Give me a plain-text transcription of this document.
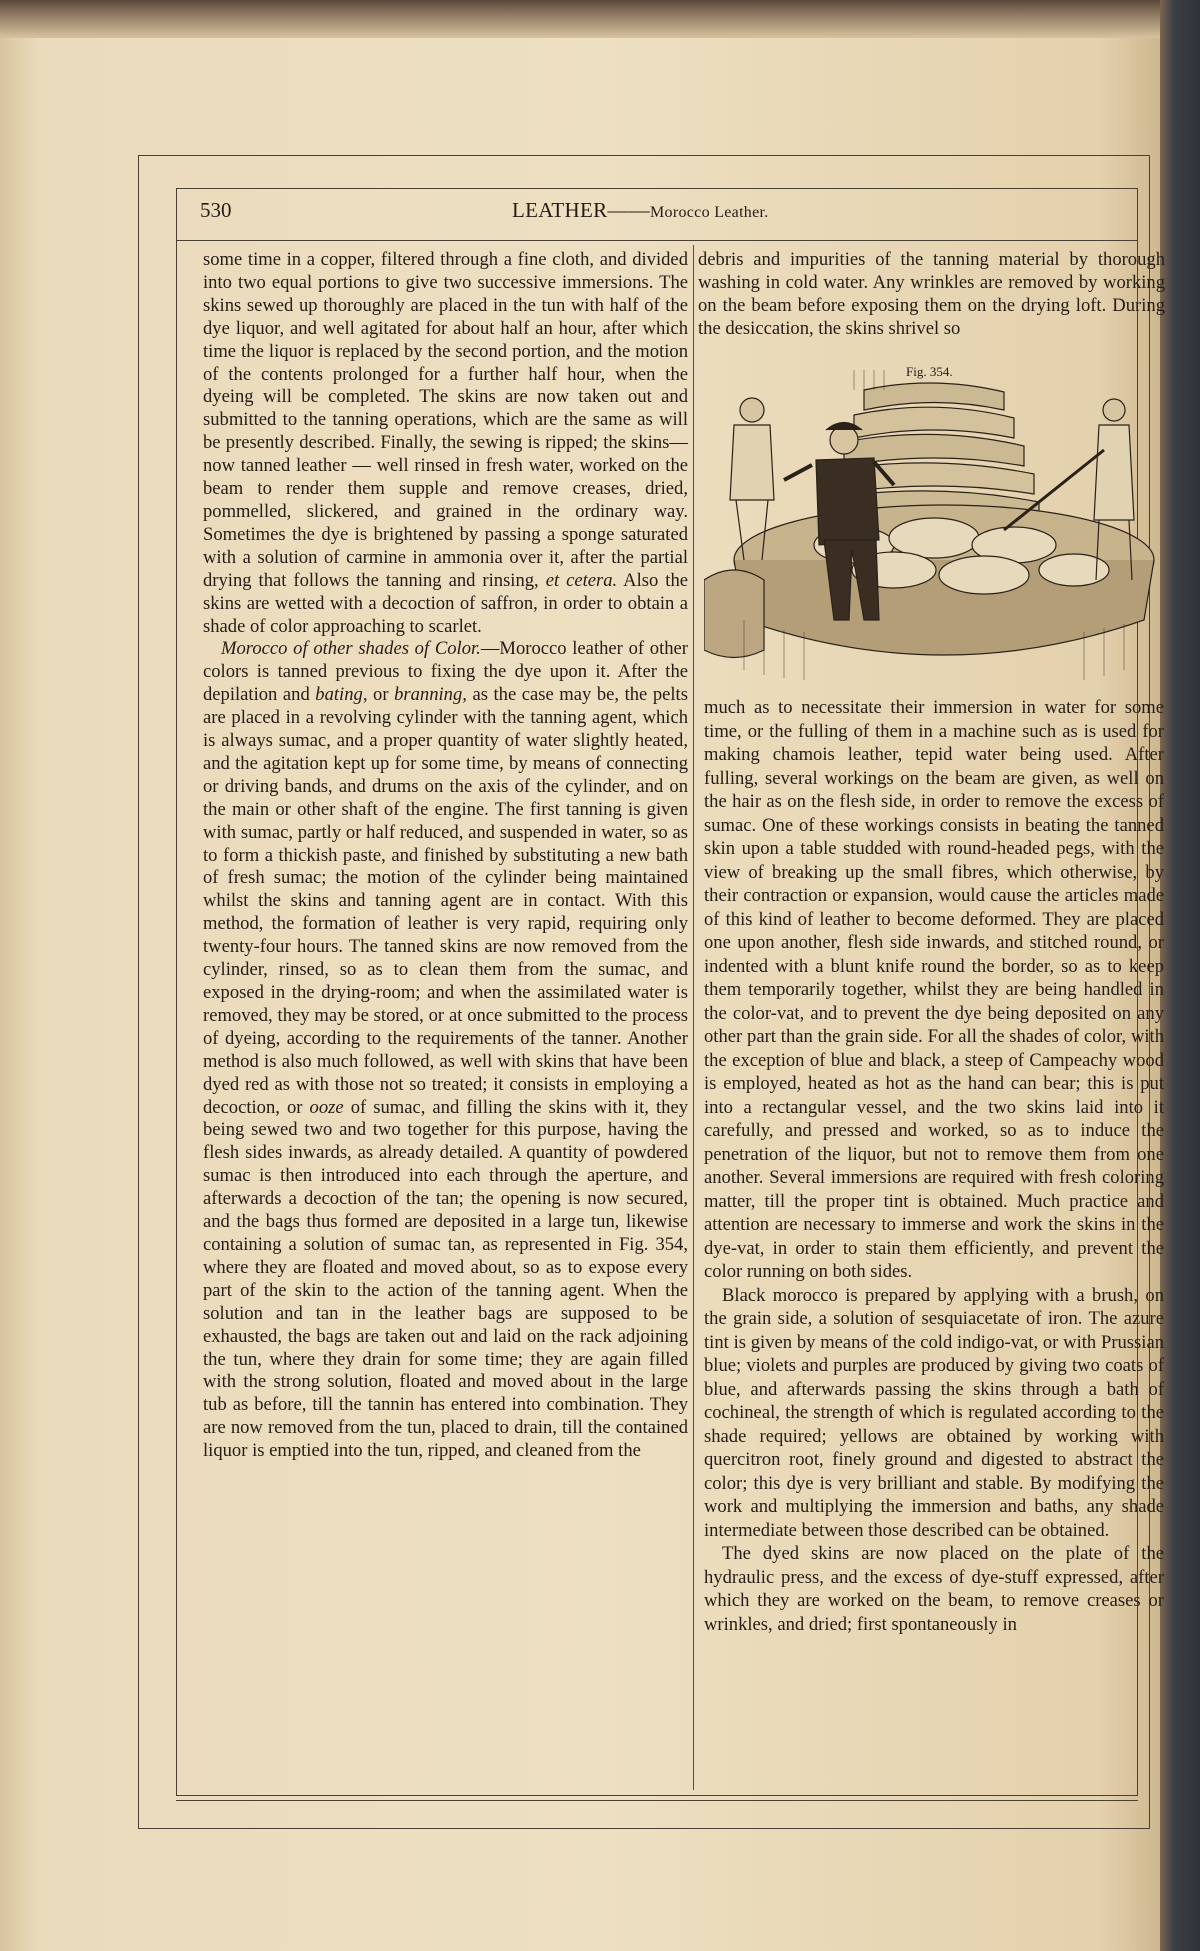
530	LEATHER——Morocco Leather.

some time in a copper, filtered through a fine cloth, and divided into two equal portions to give two successive immersions. The skins sewed up thoroughly are placed in the tun with half of the dye liquor, and well agitated for about half an hour, after which time the liquor is replaced by the second portion, and the motion of the contents prolonged for a further half hour, when the dyeing will be completed. The skins are now taken out and submitted to the tanning operations, which are the same as will be presently described. Finally, the sewing is ripped; the skins—now tanned leather — well rinsed in fresh water, worked on the beam to render them supple and remove creases, dried, pommelled, slickered, and grained in the ordinary way. Sometimes the dye is brightened by passing a sponge saturated with a solution of carmine in ammonia over it, after the partial drying that follows the tanning and rinsing, et cetera. Also the skins are wetted with a decoction of saffron, in order to obtain a shade of color approaching to scarlet.

Morocco of other shades of Color.—Morocco leather of other colors is tanned previous to fixing the dye upon it. After the depilation and bating, or branning, as the case may be, the pelts are placed in a revolving cylinder with the tanning agent, which is always sumac, and a proper quantity of water slightly heated, and the agitation kept up for some time, by means of connecting or driving bands, and drums on the axis of the cylinder, and on the main or other shaft of the engine. The first tanning is given with sumac, partly or half reduced, and suspended in water, so as to form a thickish paste, and finished by substituting a new bath of fresh sumac; the motion of the cylinder being maintained whilst the skins and tanning agent are in contact. With this method, the formation of leather is very rapid, requiring only twenty-four hours. The tanned skins are now removed from the cylinder, rinsed, so as to clean them from the sumac, and exposed in the drying-room; and when the assimilated water is removed, they may be stored, or at once submitted to the process of dyeing, according to the requirements of the tanner. Another method is also much followed, as well with skins that have been dyed red as with those not so treated; it consists in employing a decoction, or ooze of sumac, and filling the skins with it, they being sewed two and two together for this purpose, having the flesh sides inwards, as already detailed. A quantity of powdered sumac is then introduced into each through the aperture, and afterwards a decoction of the tan; the opening is now secured, and the bags thus formed are deposited in a large tun, likewise containing a solution of sumac tan, as represented in Fig. 354, where they are floated and moved about, so as to expose every part of the skin to the action of the tanning agent. When the solution and tan in the leather bags are supposed to be exhausted, the bags are taken out and laid on the rack adjoining the tun, where they drain for some time; they are again filled with the strong solution, floated and moved about in the large tub as before, till the tannin has entered into combination. They are now removed from the tun, placed to drain, till the contained liquor is emptied into the tun, ripped, and cleaned from the

debris and impurities of the tanning material by thorough washing in cold water. Any wrinkles are removed by working on the beam before exposing them on the drying loft. During the desiccation, the skins shrivel so

Fig. 354.

much as to necessitate their immersion in water for some time, or the fulling of them in a machine such as is used for making chamois leather, tepid water being used. After fulling, several workings on the beam are given, as well on the hair as on the flesh side, in order to remove the excess of sumac. One of these workings consists in beating the tanned skin upon a table studded with round-headed pegs, with the view of breaking up the small fibres, which otherwise, by their contraction or expansion, would cause the articles made of this kind of leather to become deformed. They are placed one upon another, flesh side inwards, and stitched round, or indented with a blunt knife round the border, so as to keep them temporarily together, whilst they are being handled in the color-vat, and to prevent the dye being deposited on any other part than the grain side. For all the shades of color, with the exception of blue and black, a steep of Campeachy wood is employed, heated as hot as the hand can bear; this is put into a rectangular vessel, and the two skins laid into it carefully, and pressed and worked, so as to induce the penetration of the liquor, but not to remove them from one another. Several immersions are required with fresh coloring matter, till the proper tint is obtained. Much practice and attention are necessary to immerse and work the skins in the dye-vat, in order to stain them efficiently, and prevent the color running on both sides.

Black morocco is prepared by applying with a brush, on the grain side, a solution of sesquiacetate of iron. The azure tint is given by means of the cold indigo-vat, or with Prussian blue; violets and purples are produced by giving two coats of blue, and afterwards passing the skins through a bath of cochineal, the strength of which is regulated according to the shade required; yellows are obtained by working with quercitron root, finely ground and digested to abstract the color; this dye is very brilliant and stable. By modifying the work and multiplying the immersion and baths, any shade intermediate between those described can be obtained.

The dyed skins are now placed on the plate of the hydraulic press, and the excess of dye-stuff expressed, after which they are worked on the beam, to remove creases or wrinkles, and dried; first spontaneously in
